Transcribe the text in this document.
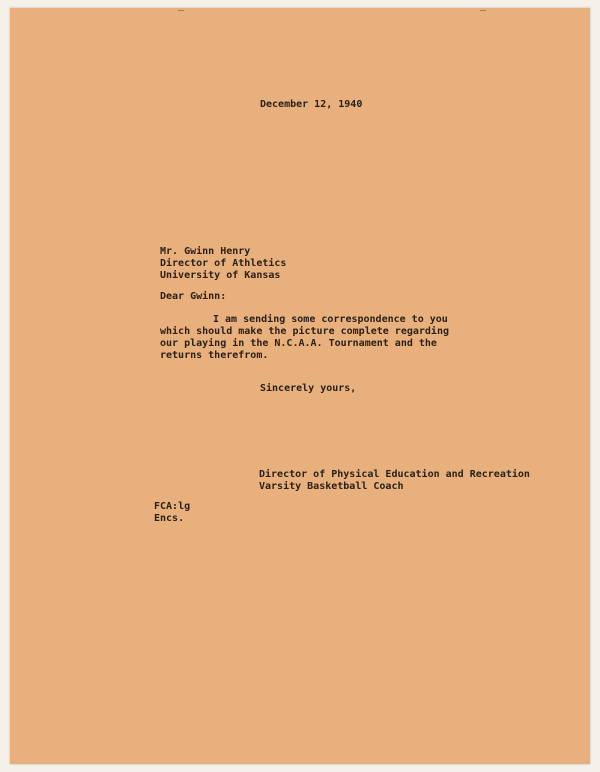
December 12, 1940
Mr. Gwinn Henry
Director of Athletics
University of Kansas
Dear Gwinn:
I am sending some correspondence to you
which should make the picture complete regarding
our playing in the N.C.A.A. Tournament and the
returns therefrom.
Sincerely yours,
Director of Physical Education and Recreation
Varsity Basketball Coach
FCA:lg
Encs.
